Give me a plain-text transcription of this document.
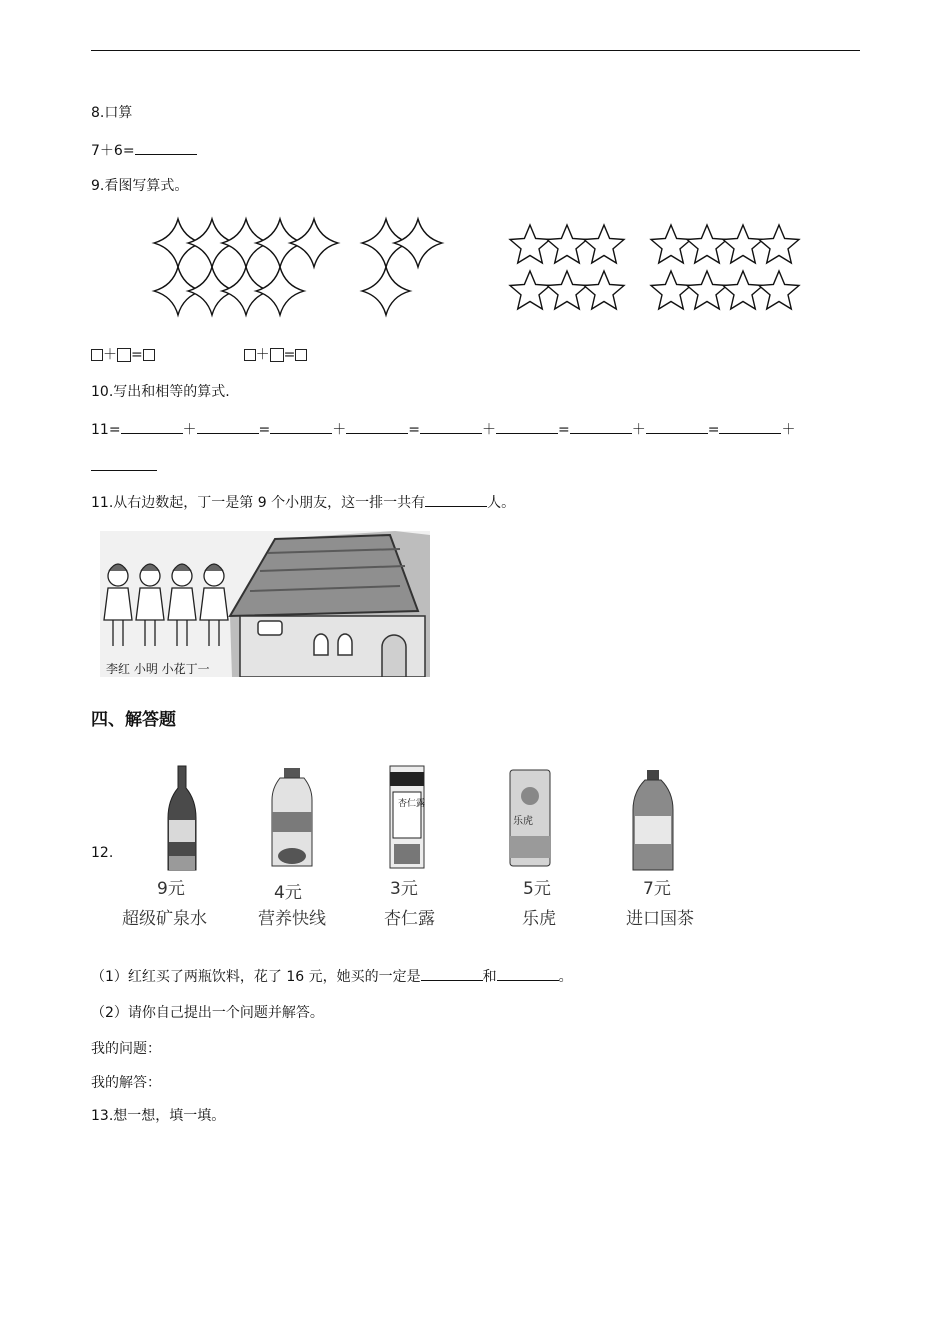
8.口算
7＋6=
9.看图写算式。
＋ =	＋ =
10.写出和相等的算式.
11=	＋	=	＋	=	＋	=	＋	=	＋
11.从右边数起，丁一是第 9 个小朋友，这一排一共有	人。
李红 小明 小花丁一
四、解答题
12.
杏仁露
乐虎
9元
超级矿泉水
4元
营养快线
3元
杏仁露
5元
乐虎
7元
进口国茶
（1）红红买了两瓶饮料，花了 16 元，她买的一定是	和	。
（2）请你自己提出一个问题并解答。
我的问题：
我的解答：
13.想一想，填一填。
